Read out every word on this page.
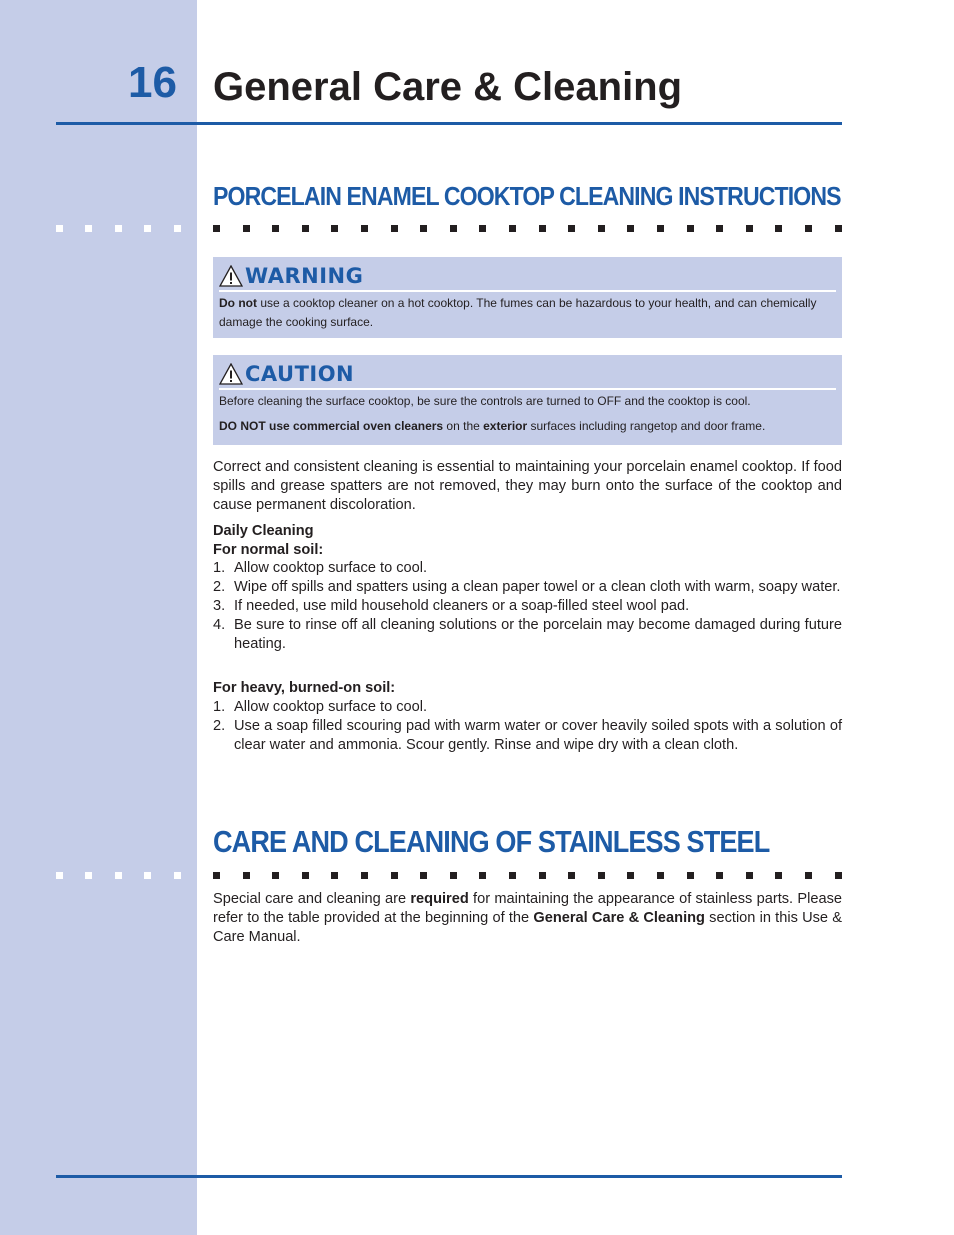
16 General Care & Cleaning
PORCELAIN ENAMEL COOKTOP CLEANING INSTRUCTIONS
WARNING
Do not use a cooktop cleaner on a hot cooktop. The fumes can be hazardous to your health, and can chemically damage the cooking surface.
CAUTION
Before cleaning the surface cooktop, be sure the controls are turned to OFF and the cooktop is cool.
DO NOT use commercial oven cleaners on the exterior surfaces including rangetop and door frame.
Correct and consistent cleaning is essential to maintaining your porcelain enamel cooktop. If food spills and grease spatters are not removed, they may burn onto the surface of the cooktop and cause permanent discoloration.
Daily Cleaning
For normal soil:
1. Allow cooktop surface to cool.
2. Wipe off spills and spatters using a clean paper towel or a clean cloth with warm, soapy water.
3. If needed, use mild household cleaners or a soap-filled steel wool pad.
4. Be sure to rinse off all cleaning solutions or the porcelain may become damaged during future heating.
For heavy, burned-on soil:
1. Allow cooktop surface to cool.
2. Use a soap filled scouring pad with warm water or cover heavily soiled spots with a solution of clear water and ammonia. Scour gently. Rinse and wipe dry with a clean cloth.
CARE AND CLEANING OF STAINLESS STEEL
Special care and cleaning are required for maintaining the appearance of stainless parts. Please refer to the table provided at the beginning of the General Care & Cleaning section in this Use & Care Manual.
